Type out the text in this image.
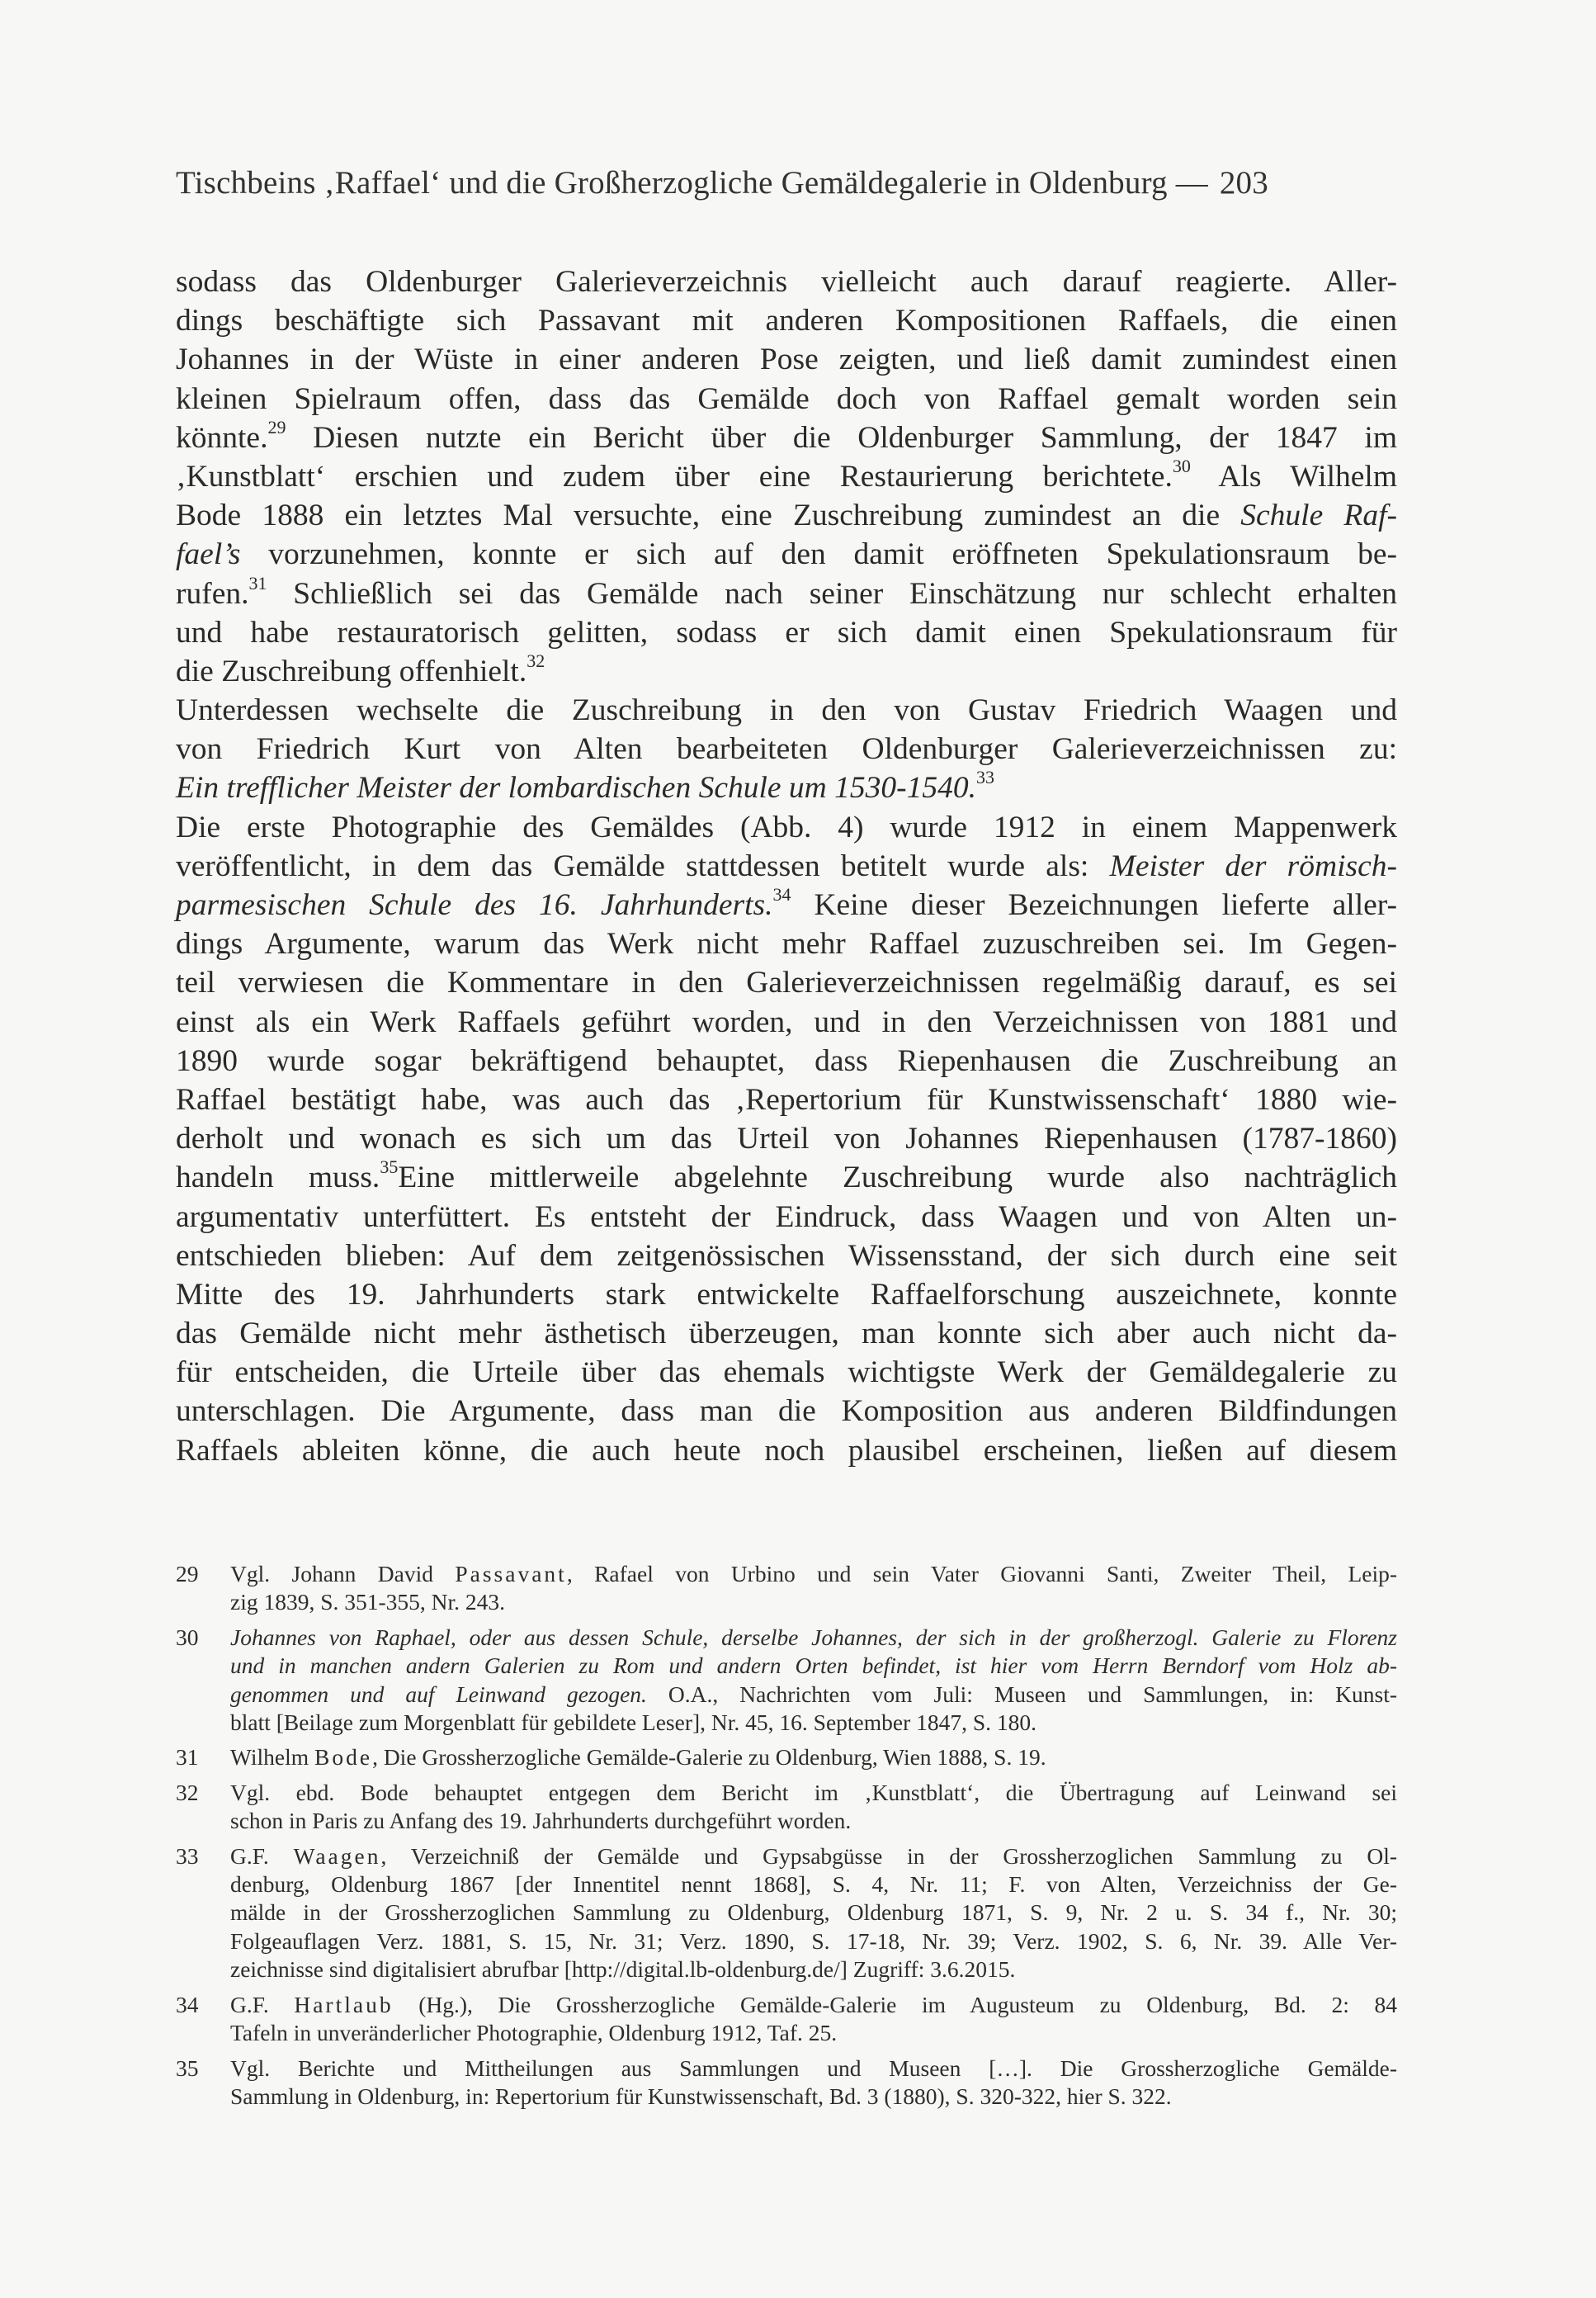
Tischbeins ‚Raffael‘ und die Großherzogliche Gemäldegalerie in Oldenburg — 203
sodass das Oldenburger Galerieverzeichnis vielleicht auch darauf reagierte. Aller-
dings beschäftigte sich Passavant mit anderen Kompositionen Raffaels, die einen
Johannes in der Wüste in einer anderen Pose zeigten, und ließ damit zumindest einen
kleinen Spielraum offen, dass das Gemälde doch von Raffael gemalt worden sein
könnte.$^{29}$ Diesen nutzte ein Bericht über die Oldenburger Sammlung, der 1847 im
‚Kunstblatt‘ erschien und zudem über eine Restaurierung berichtete.$^{30}$ Als Wilhelm
Bode 1888 ein letztes Mal versuchte, eine Zuschreibung zumindest an die Schule Raf-
fael’s vorzunehmen, konnte er sich auf den damit eröffneten Spekulationsraum be-
rufen.$^{31}$ Schließlich sei das Gemälde nach seiner Einschätzung nur schlecht erhalten
und habe restauratorisch gelitten, sodass er sich damit einen Spekulationsraum für
die Zuschreibung offenhielt.$^{32}$
Unterdessen wechselte die Zuschreibung in den von Gustav Friedrich Waagen und
von Friedrich Kurt von Alten bearbeiteten Oldenburger Galerieverzeichnissen zu:
Ein trefflicher Meister der lombardischen Schule um 1530-1540.33
Die erste Photographie des Gemäldes (Abb. 4) wurde 1912 in einem Mappenwerk
veröffentlicht, in dem das Gemälde stattdessen betitelt wurde als: Meister der römisch-
parmesischen Schule des 16. Jahrhunderts.$^{34}$ Keine dieser Bezeichnungen lieferte aller-
dings Argumente, warum das Werk nicht mehr Raffael zuzuschreiben sei. Im Gegen-
teil verwiesen die Kommentare in den Galerieverzeichnissen regelmäßig darauf, es sei
einst als ein Werk Raffaels geführt worden, und in den Verzeichnissen von 1881 und
1890 wurde sogar bekräftigend behauptet, dass Riepenhausen die Zuschreibung an
Raffael bestätigt habe, was auch das ‚Repertorium für Kunstwissenschaft‘ 1880 wie-
derholt und wonach es sich um das Urteil von Johannes Riepenhausen (1787-1860)
handeln muss.$^{35}$Eine mittlerweile abgelehnte Zuschreibung wurde also nachträglich
argumentativ unterfüttert. Es entsteht der Eindruck, dass Waagen und von Alten un-
entschieden blieben: Auf dem zeitgenössischen Wissensstand, der sich durch eine seit
Mitte des 19. Jahrhunderts stark entwickelte Raffaelforschung auszeichnete, konnte
das Gemälde nicht mehr ästhetisch überzeugen, man konnte sich aber auch nicht da-
für entscheiden, die Urteile über das ehemals wichtigste Werk der Gemäldegalerie zu
unterschlagen. Die Argumente, dass man die Komposition aus anderen Bildfindungen
Raffaels ableiten könne, die auch heute noch plausibel erscheinen, ließen auf diesem
29 Vgl. Johann David Passavant, Rafael von Urbino und sein Vater Giovanni Santi, Zweiter Theil, Leip-
zig 1839, S. 351-355, Nr. 243.
30 Johannes von Raphael, oder aus dessen Schule, derselbe Johannes, der sich in der großherzogl. Galerie zu Florenz
und in manchen andern Galerien zu Rom und andern Orten befindet, ist hier vom Herrn Berndorf vom Holz ab-
genommen und auf Leinwand gezogen. O.A., Nachrichten vom Juli: Museen und Sammlungen, in: Kunst-
blatt [Beilage zum Morgenblatt für gebildete Leser], Nr. 45, 16. September 1847, S. 180.
31 Wilhelm Bode, Die Grossherzogliche Gemälde-Galerie zu Oldenburg, Wien 1888, S. 19.
32 Vgl. ebd. Bode behauptet entgegen dem Bericht im ‚Kunstblatt‘, die Übertragung auf Leinwand sei
schon in Paris zu Anfang des 19. Jahrhunderts durchgeführt worden.
33 G.F. Waagen, Verzeichniß der Gemälde und Gypsabgüsse in der Grossherzoglichen Sammlung zu Ol-
denburg, Oldenburg 1867 [der Innentitel nennt 1868], S. 4, Nr. 11; F. von Alten, Verzeichniss der Ge-
mälde in der Grossherzoglichen Sammlung zu Oldenburg, Oldenburg 1871, S. 9, Nr. 2 u. S. 34 f., Nr. 30;
Folgeauflagen Verz. 1881, S. 15, Nr. 31; Verz. 1890, S. 17-18, Nr. 39; Verz. 1902, S. 6, Nr. 39. Alle Ver-
zeichnisse sind digitalisiert abrufbar [http://digital.lb-oldenburg.de/] Zugriff: 3.6.2015.
34 G.F. Hartlaub (Hg.), Die Grossherzogliche Gemälde-Galerie im Augusteum zu Oldenburg, Bd. 2: 84
Tafeln in unveränderlicher Photographie, Oldenburg 1912, Taf. 25.
35 Vgl. Berichte und Mittheilungen aus Sammlungen und Museen […]. Die Grossherzogliche Gemälde-
Sammlung in Oldenburg, in: Repertorium für Kunstwissenschaft, Bd. 3 (1880), S. 320-322, hier S. 322.
